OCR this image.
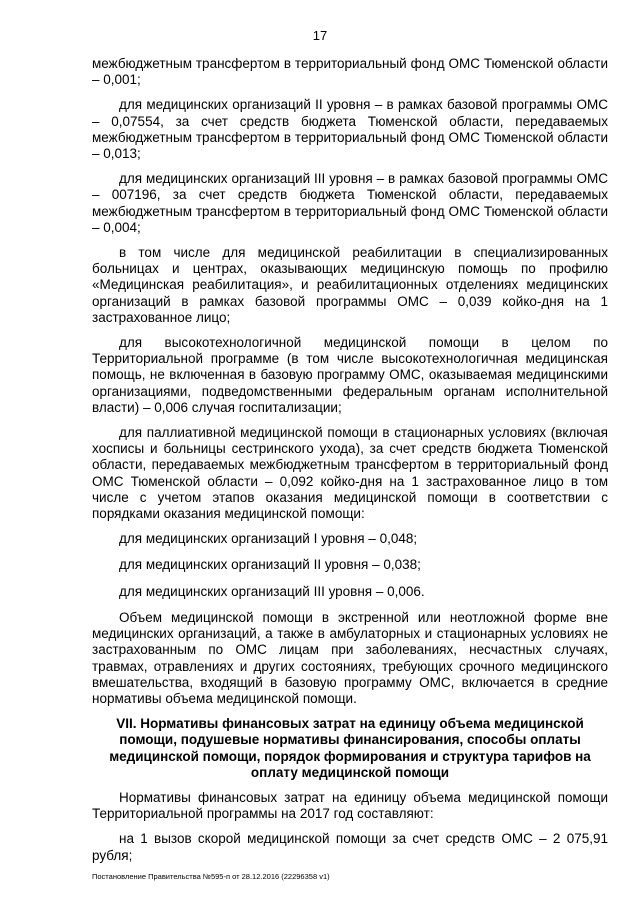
17

межбюджетным трансфертом в территориальный фонд ОМС Тюменской области – 0,001;

для медицинских организаций II уровня – в рамках базовой программы ОМС – 0,07554, за счет средств бюджета Тюменской области, передаваемых межбюджетным трансфертом в территориальный фонд ОМС Тюменской области – 0,013;

для медицинских организаций III уровня – в рамках базовой программы ОМС – 007196, за счет средств бюджета Тюменской области, передаваемых межбюджетным трансфертом в территориальный фонд ОМС Тюменской области – 0,004;

в том числе для медицинской реабилитации в специализированных больницах и центрах, оказывающих медицинскую помощь по профилю «Медицинская реабилитация», и реабилитационных отделениях медицинских организаций в рамках базовой программы ОМС – 0,039 койко-дня на 1 застрахованное лицо;

для высокотехнологичной медицинской помощи в целом по Территориальной программе (в том числе высокотехнологичная медицинская помощь, не включенная в базовую программу ОМС, оказываемая медицинскими организациями, подведомственными федеральным органам исполнительной власти) – 0,006 случая госпитализации;

для паллиативной медицинской помощи в стационарных условиях (включая хосписы и больницы сестринского ухода), за счет средств бюджета Тюменской области, передаваемых межбюджетным трансфертом в территориальный фонд ОМС Тюменской области – 0,092 койко-дня на 1 застрахованное лицо в том числе с учетом этапов оказания медицинской помощи в соответствии с порядками оказания медицинской помощи:

для медицинских организаций I уровня – 0,048;

для медицинских организаций II уровня – 0,038;

для медицинских организаций III уровня – 0,006.

Объем медицинской помощи в экстренной или неотложной форме вне медицинских организаций, а также в амбулаторных и стационарных условиях не застрахованным по ОМС лицам при заболеваниях, несчастных случаях, травмах, отравлениях и других состояниях, требующих срочного медицинского вмешательства, входящий в базовую программу ОМС, включается в средние нормативы объема медицинской помощи.

VII. Нормативы финансовых затрат на единицу объема медицинской помощи, подушевые нормативы финансирования, способы оплаты медицинской помощи, порядок формирования и структура тарифов на оплату медицинской помощи

Нормативы финансовых затрат на единицу объема медицинской помощи Территориальной программы на 2017 год составляют:

на 1 вызов скорой медицинской помощи за счет средств ОМС – 2 075,91 рубля;

Постановление Правительства №595-п от 28.12.2016 (22296358 v1)
